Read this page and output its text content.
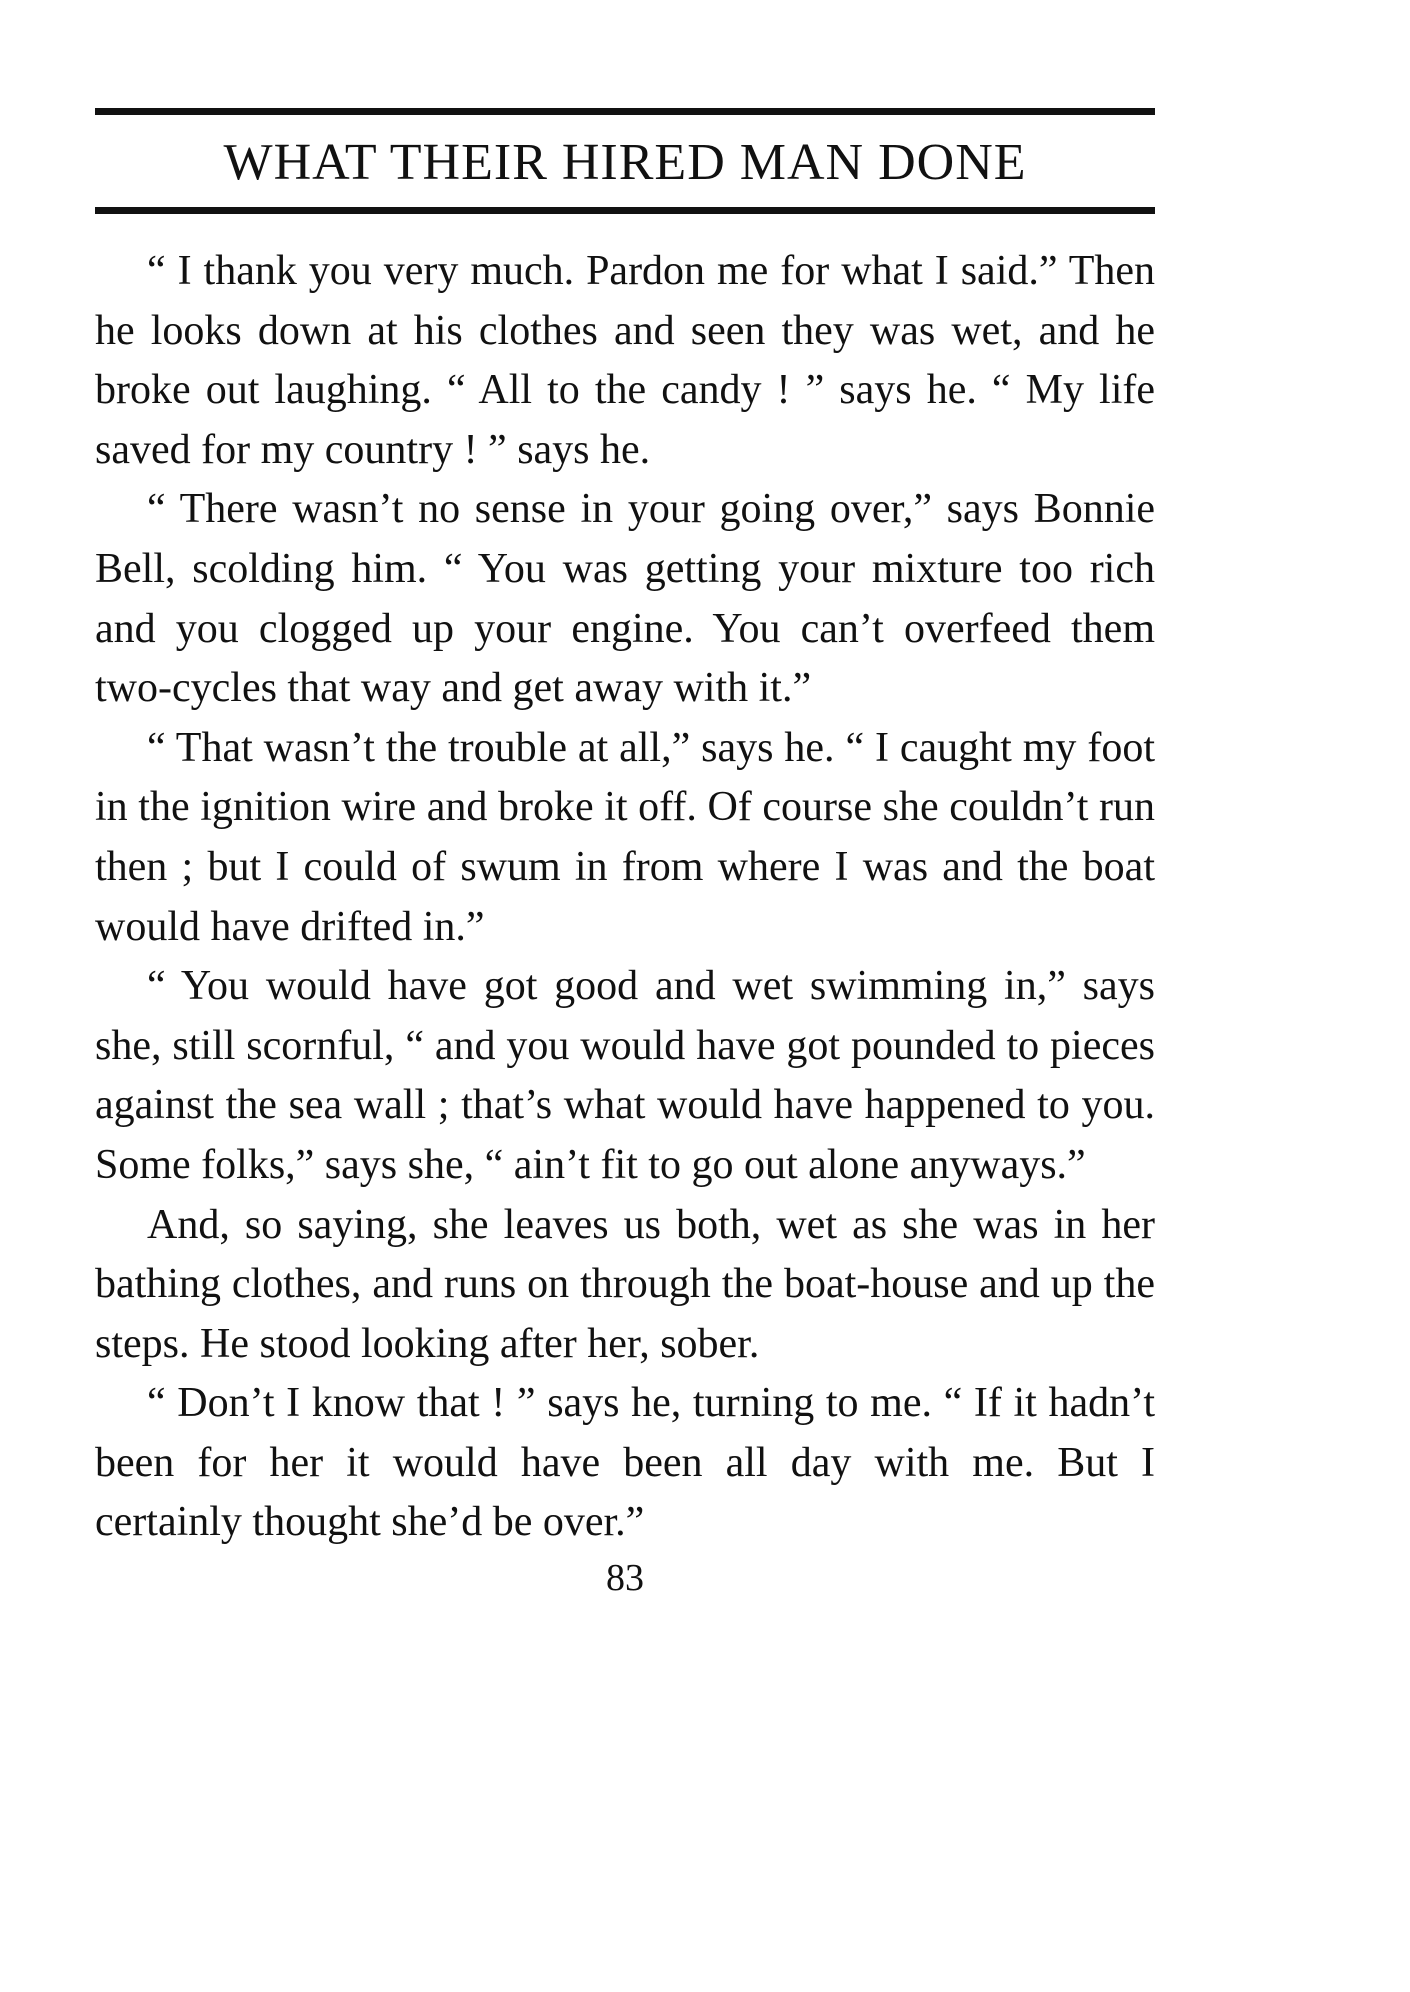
WHAT THEIR HIRED MAN DONE

“ I thank you very much. Pardon me for what I said.” Then he looks down at his clothes and seen they was wet, and he broke out laughing. “ All to the candy ! ” says he. “ My life saved for my country ! ” says he.

“ There wasn’t no sense in your going over,” says Bonnie Bell, scolding him. “ You was getting your mixture too rich and you clogged up your engine. You can’t overfeed them two-cycles that way and get away with it.”

“ That wasn’t the trouble at all,” says he. “ I caught my foot in the ignition wire and broke it off. Of course she couldn’t run then ; but I could of swum in from where I was and the boat would have drifted in.”

“ You would have got good and wet swimming in,” says she, still scornful, “ and you would have got pounded to pieces against the sea wall ; that’s what would have happened to you. Some folks,” says she, “ ain’t fit to go out alone anyways.”

And, so saying, she leaves us both, wet as she was in her bathing clothes, and runs on through the boat-house and up the steps. He stood looking after her, sober.

“ Don’t I know that ! ” says he, turning to me. “ If it hadn’t been for her it would have been all day with me. But I certainly thought she’d be over.”

83
